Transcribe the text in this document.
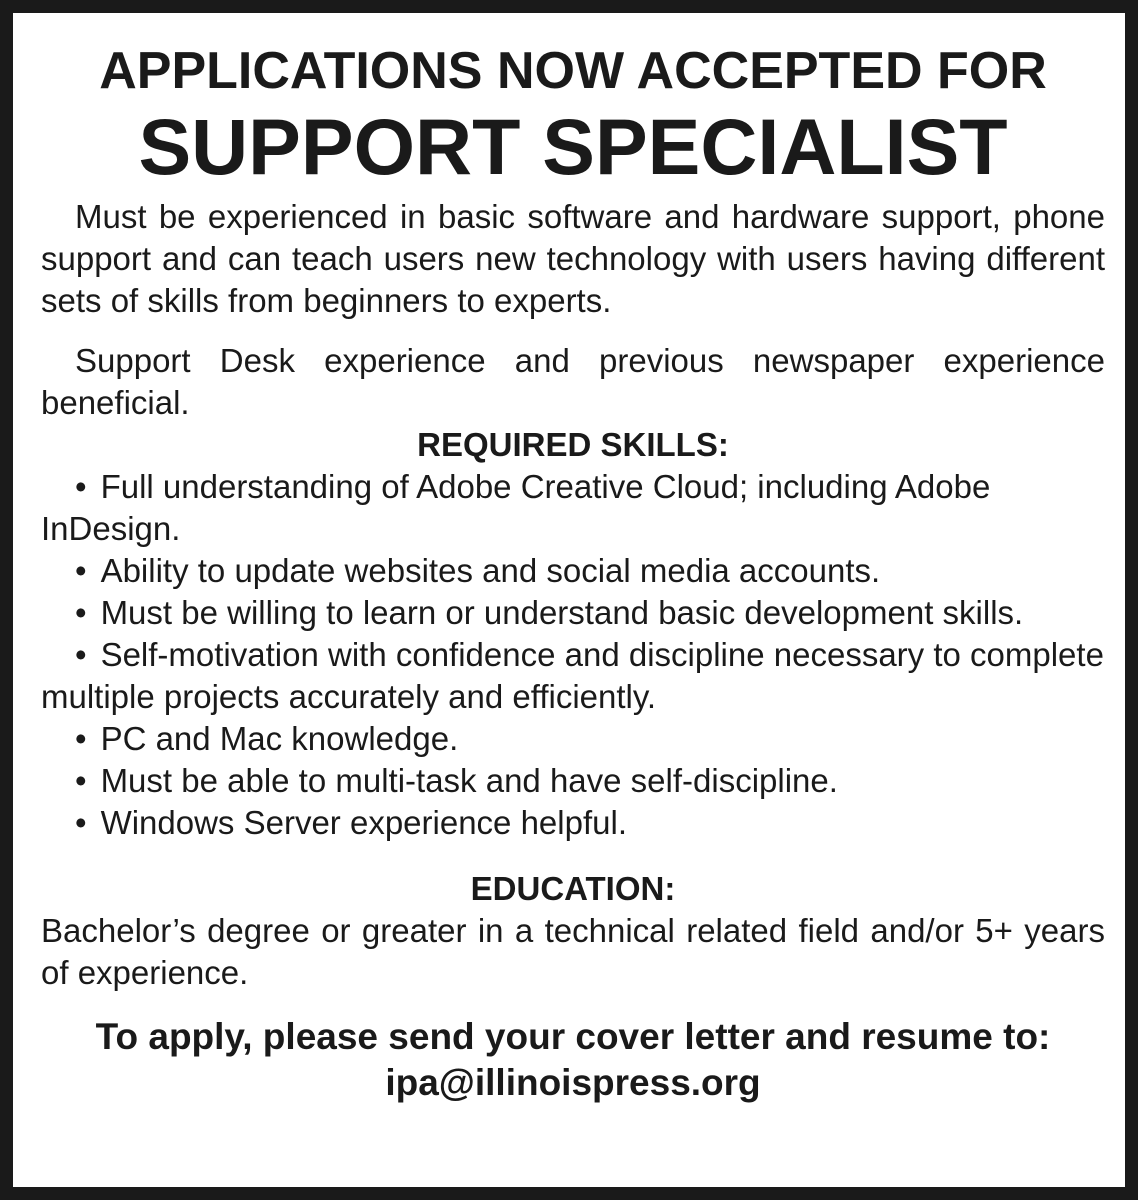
APPLICATIONS NOW ACCEPTED FOR
SUPPORT SPECIALIST

Must be experienced in basic software and hardware support, phone support and can teach users new technology with users having different sets of skills from beginners to experts.

Support Desk experience and previous newspaper experience beneficial.

REQUIRED SKILLS:
• Full understanding of Adobe Creative Cloud; including Adobe InDesign.
• Ability to update websites and social media accounts.
• Must be willing to learn or understand basic development skills.
• Self-motivation with confidence and discipline necessary to complete multiple projects accurately and efficiently.
• PC and Mac knowledge.
• Must be able to multi-task and have self-discipline.
• Windows Server experience helpful.
EDUCATION:

Bachelor’s degree or greater in a technical related field and/or 5+ years of experience.

To apply, please send your cover letter and resume to:
ipa@illinoispress.org
